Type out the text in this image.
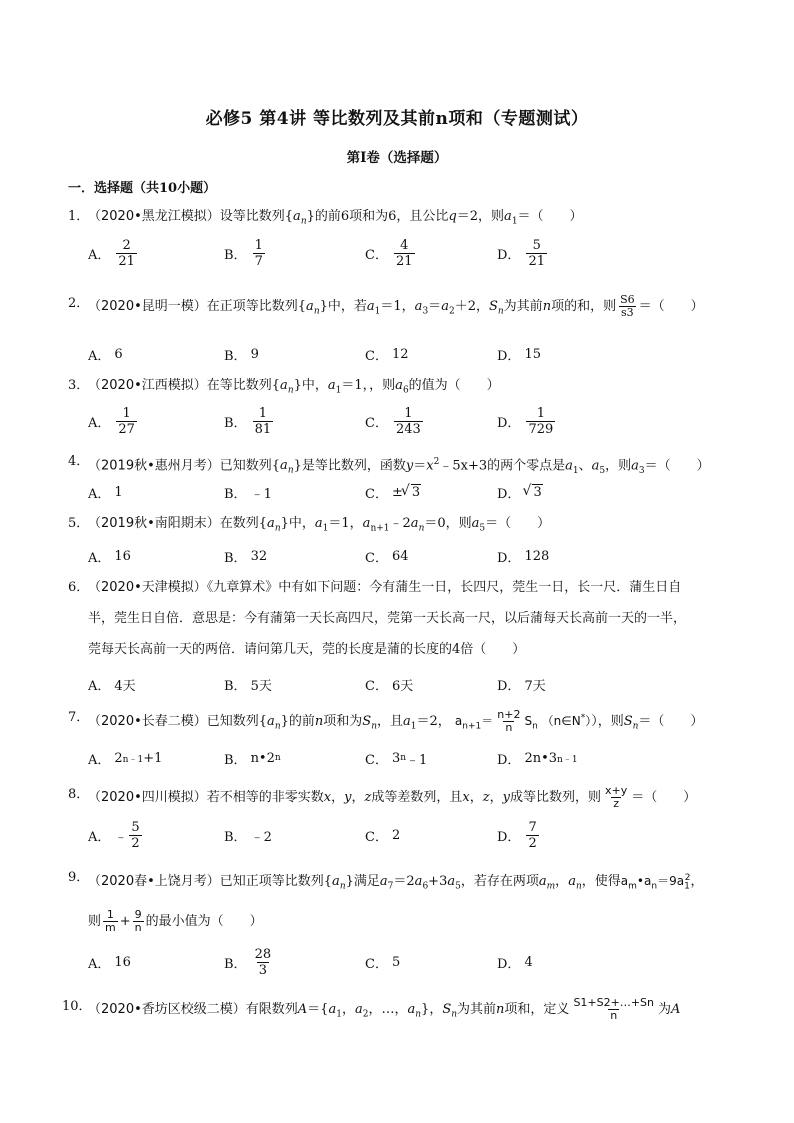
必修5 第4讲 等比数列及其前n项和（专题测试）
第Ⅰ卷（选择题）
一．选择题（共10小题）
1．
（2020•黑龙江模拟）设等比数列$\{a_n\}$的前6项和为6，且公比q＝2，则$a_1=$（　　）
A． $\frac{2}{21}$	B． $\frac{1}{7}$	C． $\frac{4}{21}$	D． $\frac{5}{21}$
2．
（2020•昆明一模）在正项等比数列$\{a_n\}$中，若$a_1=1$，$a_3=a_2+2$，$S_n$为其前n项的和，则 $\frac{S6}{s3}$ ＝（　　）
A． 6	B． 9	C． 12	D． 15
3．
（2020•江西模拟）在等比数列$\{a_n\}$中，$a_1=1$，，则$a_6$的值为（　　）
A． $\frac{1}{27}$	B． $\frac{1}{81}$	C． $\frac{1}{243}$	D． $\frac{1}{729}$
4．
（2019秋•惠州月考）已知数列$\{a_n\}$是等比数列，函数$y=x^2﹣5x+3$的两个零点是$a_1$、$a_5$，则$a_3=$（　　）
A． 1	B． ﹣1	C． ± √ 3	D．	√ 3
5．
（2019秋•南阳期末）在数列$\{a_n\}$中，$a_1=1$，$a_{n+1}﹣2a_n=0$，则$a_5=$（　　）
A． 16	B． 32	C． 64	D． 128
6．
（2020•天津模拟）《九章算术》中有如下问题：今有蒲生一日，长四尺，莞生一日，长一尺．蒲生日自
半，莞生日自倍．意思是：今有蒲第一天长高四尺，莞第一天长高一尺，以后蒲每天长高前一天的一半，
莞每天长高前一天的两倍．请问第几天，莞的长度是蒲的长度的4倍（　　）
A． 4天	B． 5天	C． 6天	D． 7天
7．
（2020•长春二模）已知数列$\{a_n\}$的前n项和为$S_n$，且$a_1=2$， $a_{n+1}= \frac{n+2}{n} S_n$ （n∈N*）），则$S_n=$（　　）
A． 2 n﹣1 +1	B． n•2 n	C． 3 n ﹣1	D． 2n•3 n﹣1
8．
（2020•四川模拟）若不相等的非零实数x，y，z成等差数列，且x，z，y成等比数列，则 $\frac{x+y}{z}$ ＝（　　）
A． ﹣ $\frac{5}{2}$	B． ﹣2	C． 2	D． $\frac{7}{2}$
9．
（2020春•上饶月考）已知正项等比数列$\{a_n\}$满足$a_7=2a_6+3a_5$，若存在两项$a_m$，$a_n$，使得$a_m•a_n=9a_1^2$，
则 $\frac{1}{m} + \frac{9}{n}$ 的最小值为（　　）
A． 16	B． $\frac{28}{3}$	C． 5	D． 4
10．
（2020•香坊区校级二模）有限数列$A=\{a_1$，$a_2$，…，$a_n$}，$S_n$为其前n项和，定义 $\frac{S1+S2+\dots+Sn}{n}$ 为A
